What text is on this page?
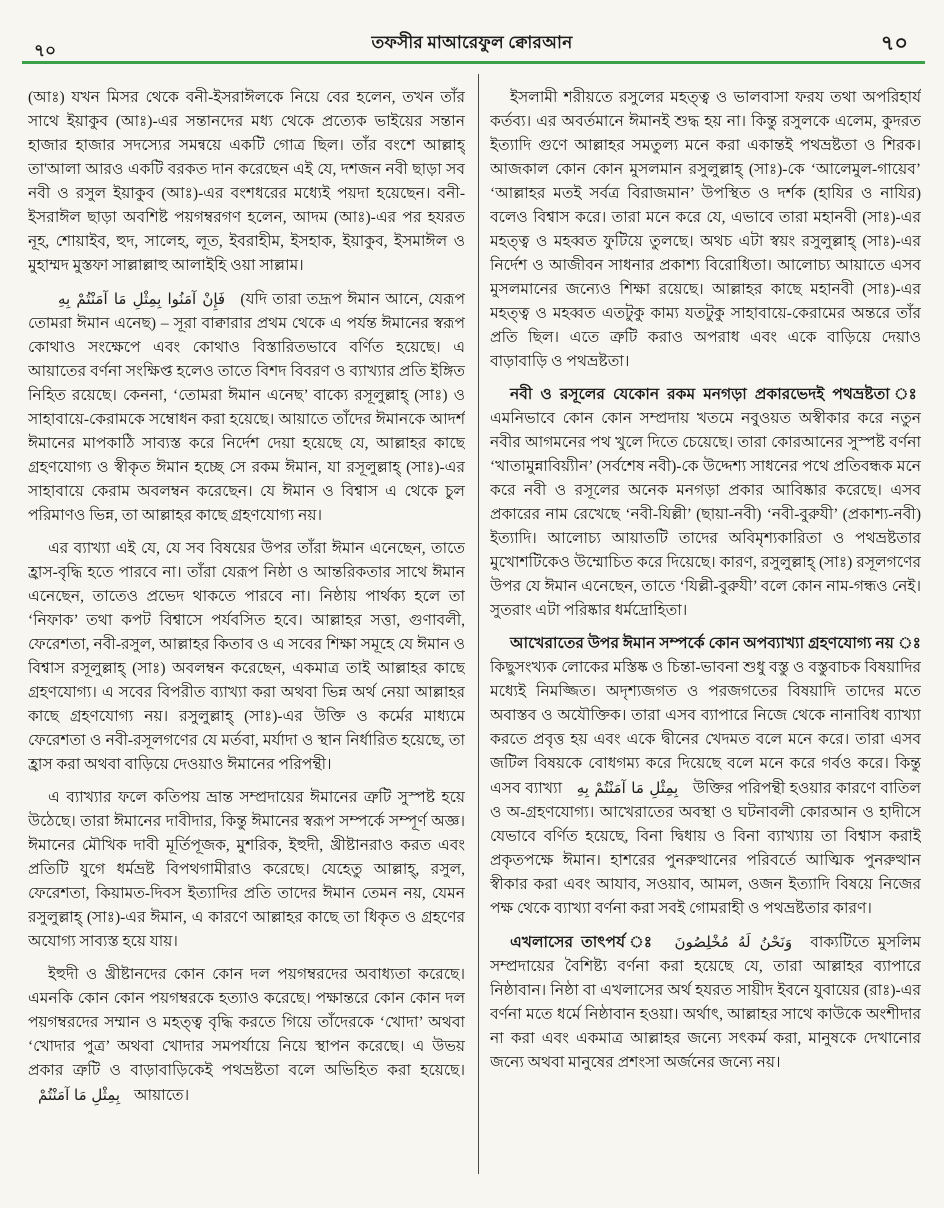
৭০	তফসীর মাআরেফুল ক্বোরআন	৭০

(আঃ) যখন মিসর থেকে বনী-ইসরাঈলকে নিয়ে বের হলেন, তখন তাঁর সাথে ইয়াকুব (আঃ)-এর সন্তানদের মধ্য থেকে প্রত্যেক ভাইয়ের সন্তান হাজার হাজার সদস্যের সমন্বয়ে একটি গোত্র ছিল। তাঁর বংশে আল্লাহ্ তা'আলা আরও একটি বরকত দান করেছেন এই যে, দশজন নবী ছাড়া সব নবী ও রসুল ইয়াকুব (আঃ)-এর বংশধরের মধ্যেই পয়দা হয়েছেন। বনী-ইসরাঈল ছাড়া অবশিষ্ট পয়গম্বরগণ হলেন, আদম (আঃ)-এর পর হযরত নূহ, শোয়াইব, হুদ, সালেহ, লূত, ইবরাহীম, ইসহাক, ইয়াকুব, ইসমাঈল ও মুহাম্মদ মুস্তফা সাল্লাল্লাহু আলাইহি ওয়া সাল্লাম।

فَإِنْ آمَنُوا بِمِثْلِ مَا آمَنْتُمْ بِهِ (যদি তারা তদ্রূপ ঈমান আনে, যেরূপ তোমরা ঈমান এনেছ) – সূরা বাক্বারার প্রথম থেকে এ পর্যন্ত ঈমানের স্বরূপ কোথাও সংক্ষেপে এবং কোথাও বিস্তারিতভাবে বর্ণিত হয়েছে। এ আয়াতের বর্ণনা সংক্ষিপ্ত হলেও তাতে বিশদ বিবরণ ও ব্যাখ্যার প্রতি ইঙ্গিত নিহিত রয়েছে। কেননা, ‘তোমরা ঈমান এনেছ’ বাক্যে রসূলুল্লাহ্ (সাঃ) ও সাহাবায়ে-কেরামকে সম্বোধন করা হয়েছে। আয়াতে তাঁদের ঈমানকে আদর্শ ঈমানের মাপকাঠি সাব্যস্ত করে নির্দেশ দেয়া হয়েছে যে, আল্লাহর কাছে গ্রহণযোগ্য ও স্বীকৃত ঈমান হচ্ছে সে রকম ঈমান, যা রসূলুল্লাহ্ (সাঃ)-এর সাহাবায়ে কেরাম অবলম্বন করেছেন। যে ঈমান ও বিশ্বাস এ থেকে চুল পরিমাণও ভিন্ন, তা আল্লাহর কাছে গ্রহণযোগ্য নয়।

এর ব্যাখ্যা এই যে, যে সব বিষয়ের উপর তাঁরা ঈমান এনেছেন, তাতে হ্রাস-বৃদ্ধি হতে পারবে না। তাঁরা যেরূপ নিষ্ঠা ও আন্তরিকতার সাথে ঈমান এনেছেন, তাতেও প্রভেদ থাকতে পারবে না। নিষ্ঠায় পার্থক্য হলে তা ‘নিফাক’ তথা কপট বিশ্বাসে পর্যবসিত হবে। আল্লাহর সত্তা, গুণাবলী, ফেরেশতা, নবী-রসুল, আল্লাহর কিতাব ও এ সবের শিক্ষা সমূহে যে ঈমান ও বিশ্বাস রসূলুল্লাহ্ (সাঃ) অবলম্বন করেছেন, একমাত্র তাই আল্লাহর কাছে গ্রহণযোগ্য। এ সবের বিপরীত ব্যাখ্যা করা অথবা ভিন্ন অর্থ নেয়া আল্লাহর কাছে গ্রহণযোগ্য নয়। রসুলুল্লাহ্ (সাঃ)-এর উক্তি ও কর্মের মাধ্যমে ফেরেশতা ও নবী-রসূলগণের যে মর্তবা, মর্যাদা ও স্থান নির্ধারিত হয়েছে, তা হ্রাস করা অথবা বাড়িয়ে দেওয়াও ঈমানের পরিপন্থী।

এ ব্যাখ্যার ফলে কতিপয় ভ্রান্ত সম্প্রদায়ের ঈমানের ত্রুটি সুস্পষ্ট হয়ে উঠেছে। তারা ঈমানের দাবীদার, কিন্তু ঈমানের স্বরূপ সম্পর্কে সম্পূর্ণ অজ্ঞ। ঈমানের মৌখিক দাবী মূর্তিপূজক, মুশরিক, ইহুদী, খ্রীষ্টানরাও করত এবং প্রতিটি যুগে ধর্মভ্রষ্ট বিপথগামীরাও করেছে। যেহেতু আল্লাহ্, রসুল, ফেরেশতা, কিয়ামত-দিবস ইত্যাদির প্রতি তাদের ঈমান তেমন নয়, যেমন রসুলুল্লাহ্ (সাঃ)-এর ঈমান, এ কারণে আল্লাহর কাছে তা ধিকৃত ও গ্রহণের অযোগ্য সাব্যস্ত হয়ে যায়।

ইহুদী ও খ্রীষ্টানদের কোন কোন দল পয়গম্বরদের অবাধ্যতা করেছে। এমনকি কোন কোন পয়গম্বরকে হত্যাও করেছে। পক্ষান্তরে কোন কোন দল পয়গম্বরদের সম্মান ও মহত্ত্ব বৃদ্ধি করতে গিয়ে তাঁদেরকে ‘খোদা’ অথবা ‘খোদার পুত্র’ অথবা খোদার সমপর্যায়ে নিয়ে স্থাপন করেছে। এ উভয় প্রকার ত্রুটি ও বাড়াবাড়িকেই পথভ্রষ্টতা বলে অভিহিত করা হয়েছে। بِمِثْلِ مَا آمَنْتُمْ আয়াতে।

ইসলামী শরীয়তে রসুলের মহত্ত্ব ও ভালবাসা ফরয তথা অপরিহার্য কর্তব্য। এর অবর্তমানে ঈমানই শুদ্ধ হয় না। কিন্তু রসুলকে এলেম, কুদরত ইত্যাদি গুণে আল্লাহর সমতুল্য মনে করা একান্তই পথভ্রষ্টতা ও শিরক। আজকাল কোন কোন মুসলমান রসুলুল্লাহ্ (সাঃ)-কে ‘আলেমুল-গায়েব’ ‘আল্লাহর মতই সর্বত্র বিরাজমান’ উপস্থিত ও দর্শক (হাযির ও নাযির) বলেও বিশ্বাস করে। তারা মনে করে যে, এভাবে তারা মহানবী (সাঃ)-এর মহত্ত্ব ও মহব্বত ফুটিয়ে তুলছে। অথচ এটা স্বয়ং রসুলুল্লাহ্ (সাঃ)-এর নির্দেশ ও আজীবন সাধনার প্রকাশ্য বিরোধিতা। আলোচ্য আয়াতে এসব মুসলমানের জন্যেও শিক্ষা রয়েছে। আল্লাহর কাছে মহানবী (সাঃ)-এর মহত্ত্ব ও মহব্বত এতটুকু কাম্য যতটুকু সাহাবায়ে-কেরামের অন্তরে তাঁর প্রতি ছিল। এতে ত্রুটি করাও অপরাধ এবং একে বাড়িয়ে দেয়াও বাড়াবাড়ি ও পথভ্রষ্টতা।

নবী ও রসূলের যেকোন রকম মনগড়া প্রকারভেদই পথভ্রষ্টতা ঃ এমনিভাবে কোন কোন সম্প্রদায় খতমে নবুওয়ত অস্বীকার করে নতুন নবীর আগমনের পথ খুলে দিতে চেয়েছে। তারা কোরআনের সুস্পষ্ট বর্ণনা ‘খাতামুন্নাবিয়্যীন’ (সর্বশেষ নবী)-কে উদ্দেশ্য সাধনের পথে প্রতিবন্ধক মনে করে নবী ও রসূলের অনেক মনগড়া প্রকার আবিষ্কার করেছে। এসব প্রকারের নাম রেখেছে ‘নবী-যিল্লী’ (ছায়া-নবী) ‘নবী-বুরুযী’ (প্রকাশ্য-নবী) ইত্যাদি। আলোচ্য আয়াতটি তাদের অবিমৃশ্যকারিতা ও পথভ্রষ্টতার মুখোশটিকেও উম্মোচিত করে দিয়েছে। কারণ, রসুলুল্লাহ্ (সাঃ) রসূলগণের উপর যে ঈমান এনেছেন, তাতে ‘যিল্লী-বুরুযী’ বলে কোন নাম-গন্ধও নেই। সুতরাং এটা পরিষ্কার ধর্মদ্রোহিতা।

আখেরাতের উপর ঈমান সম্পর্কে কোন অপব্যাখ্যা গ্রহণযোগ্য নয় ঃ কিছুসংখ্যক লোকের মস্তিষ্ক ও চিন্তা-ভাবনা শুধু বস্তু ও বস্তুবাচক বিষয়াদির মধ্যেই নিমজ্জিত। অদৃশ্যজগত ও পরজগতের বিষয়াদি তাদের মতে অবাস্তব ও অযৌক্তিক। তারা এসব ব্যাপারে নিজে থেকে নানাবিধ ব্যাখ্যা করতে প্রবৃত্ত হয় এবং একে দ্বীনের খেদমত বলে মনে করে। তারা এসব জটিল বিষয়কে বোধগম্য করে দিয়েছে বলে মনে করে গর্বও করে। কিন্তু এসব ব্যাখ্যা بِمِثْلِ مَا آمَنْتُمْ بِهِ উক্তির পরিপন্থী হওয়ার কারণে বাতিল ও অ-গ্রহণযোগ্য। আখেরাতের অবস্থা ও ঘটনাবলী কোরআন ও হাদীসে যেভাবে বর্ণিত হয়েছে, বিনা দ্বিধায় ও বিনা ব্যাখ্যায় তা বিশ্বাস করাই প্রকৃতপক্ষে ঈমান। হাশরের পুনরুত্থানের পরিবর্তে আত্মিক পুনরুত্থান স্বীকার করা এবং আযাব, সওয়াব, আমল, ওজন ইত্যাদি বিষয়ে নিজের পক্ষ থেকে ব্যাখ্যা বর্ণনা করা সবই গোমরাহী ও পথভ্রষ্টতার কারণ।

এখলাসের তাৎপর্য ঃ وَنَحْنُ لَهُ مُخْلِصُونَ বাক্যটিতে মুসলিম সম্প্রদায়ের বৈশিষ্ট্য বর্ণনা করা হয়েছে যে, তারা আল্লাহর ব্যাপারে নিষ্ঠাবান। নিষ্ঠা বা এখলাসের অর্থ হযরত সায়ীদ ইবনে যুবায়ের (রাঃ)-এর বর্ণনা মতে ধর্মে নিষ্ঠাবান হওয়া। অর্থাৎ, আল্লাহর সাথে কাউকে অংশীদার না করা এবং একমাত্র আল্লাহর জন্যে সৎকর্ম করা, মানুষকে দেখানোর জন্যে অথবা মানুষের প্রশংসা অর্জনের জন্যে নয়।
